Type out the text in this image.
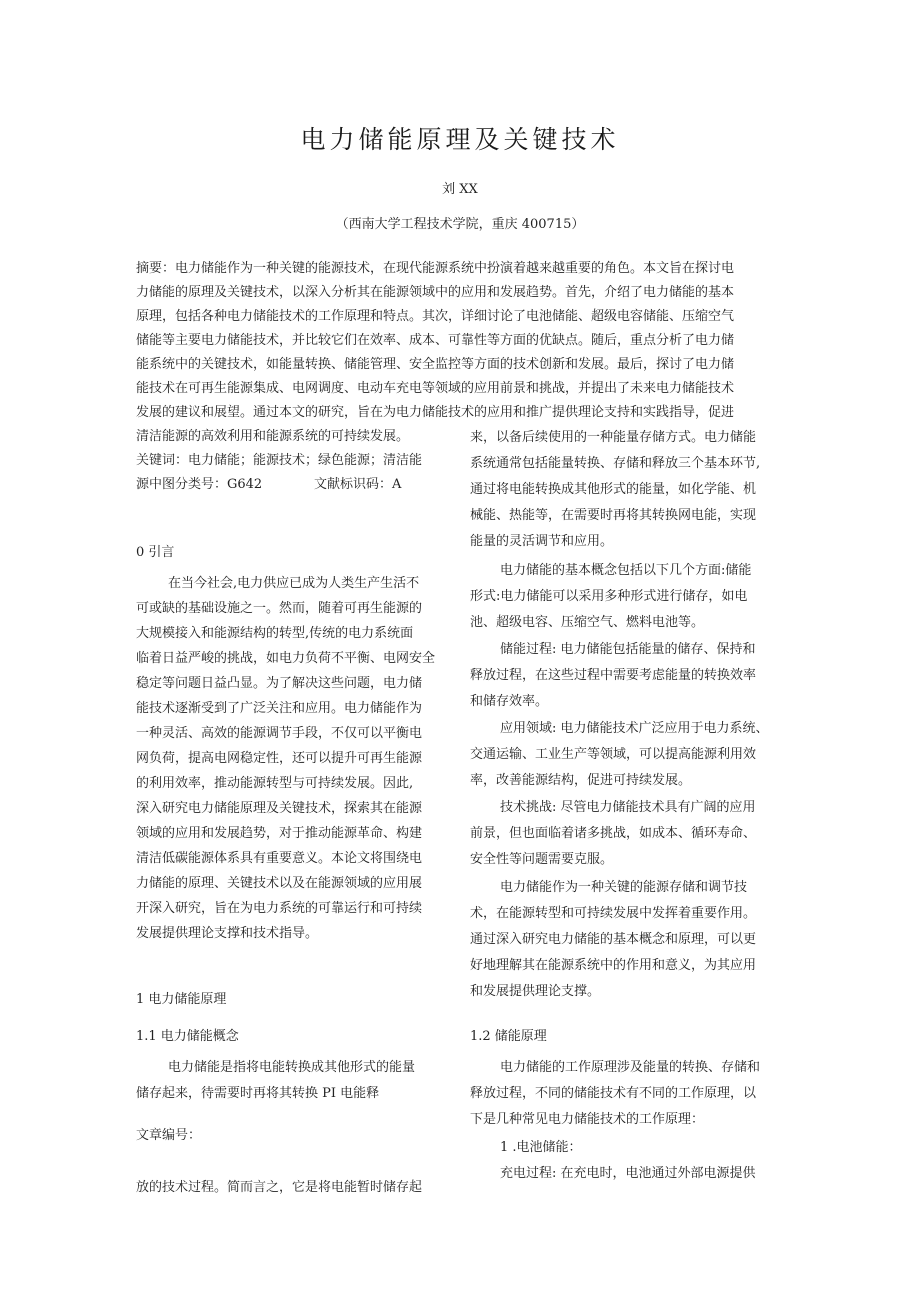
电力储能原理及关键技术
刘 XX
（西南大学工程技术学院，重庆 400715）
摘要：电力储能作为一种关键的能源技术，在现代能源系统中扮演着越来越重要的角色。本文旨在探讨电
力储能的原理及关键技术，以深入分析其在能源领域中的应用和发展趋势。首先，介绍了电力储能的基本
原理，包括各种电力储能技术的工作原理和特点。其次，详细讨论了电池储能、超级电容储能、压缩空气
储能等主要电力储能技术，并比较它们在效率、成本、可靠性等方面的优缺点。随后，重点分析了电力储
能系统中的关键技术，如能量转换、储能管理、安全监控等方面的技术创新和发展。最后，探讨了电力储
能技术在可再生能源集成、电网调度、电动车充电等领域的应用前景和挑战，并提出了未来电力储能技术
发展的建议和展望。通过本文的研究，旨在为电力储能技术的应用和推广提供理论支持和实践指导，促进
清洁能源的高效利用和能源系统的可持续发展。
关键词：电力储能；能源技术；绿色能源；清洁能
源中图分类号：G642	文献标识码：A
0 引言
在当今社会,电力供应已成为人类生产生活不
可或缺的基础设施之一。然而，随着可再生能源的
大规模接入和能源结构的转型,传统的电力系统面
临着日益严峻的挑战，如电力负荷不平衡、电网安全
稳定等问题日益凸显。为了解决这些问题，电力储
能技术逐渐受到了广泛关注和应用。电力储能作为
一种灵活、高效的能源调节手段，不仅可以平衡电
网负荷，提高电网稳定性，还可以提升可再生能源
的利用效率，推动能源转型与可持续发展。因此,
深入研究电力储能原理及关键技术，探索其在能源
领域的应用和发展趋势，对于推动能源革命、构建
清洁低碳能源体系具有重要意义。本论文将围绕电
力储能的原理、关键技术以及在能源领域的应用展
开深入研究，旨在为电力系统的可靠运行和可持续
发展提供理论支撑和技术指导。
1 电力储能原理
1.1 电力储能概念
电力储能是指将电能转换成其他形式的能量
储存起来，待需要时再将其转换 PI 电能释
文章编号：
放的技术过程。简而言之，它是将电能暂时储存起
来，以备后续使用的一种能量存储方式。电力储能
系统通常包括能量转换、存储和释放三个基本环节,
通过将电能转换成其他形式的能量，如化学能、机
械能、热能等，在需要时再将其转换网电能，实现
能量的灵活调节和应用。
电力储能的基本概念包括以下几个方面:储能
形式:电力储能可以采用多种形式进行储存，如电
池、超级电容、压缩空气、燃料电池等。
储能过程: 电力储能包括能量的储存、保持和
释放过程，在这些过程中需要考虑能量的转换效率
和储存效率。
应用领域: 电力储能技术广泛应用于电力系统、
交通运输、工业生产等领域，可以提高能源利用效
率，改善能源结构，促进可持续发展。
技术挑战: 尽管电力储能技术具有广阔的应用
前景，但也面临着诸多挑战，如成本、循环寿命、
安全性等问题需要克服。
电力储能作为一种关键的能源存储和调节技
术，在能源转型和可持续发展中发挥着重要作用。
通过深入研究电力储能的基本概念和原理，可以更
好地理解其在能源系统中的作用和意义，为其应用
和发展提供理论支撑。
1.2 储能原理
电力储能的工作原理涉及能量的转换、存储和
释放过程，不同的储能技术有不同的工作原理，以
下是几种常见电力储能技术的工作原理：
1 .电池储能：
充电过程: 在充电时，电池通过外部电源提供
